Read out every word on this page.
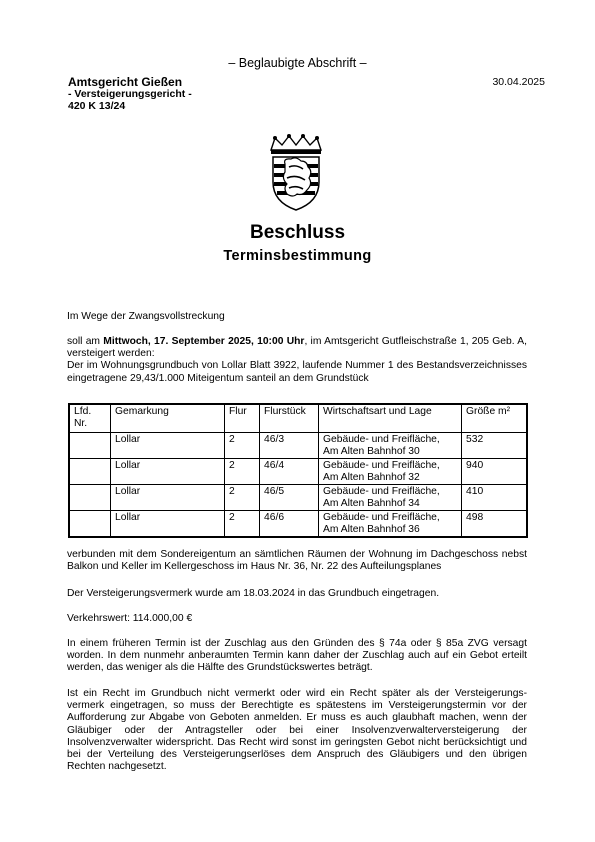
– Beglaubigte Abschrift –
Amtsgericht Gießen
- Versteigerungsgericht -
420 K 13/24
30.04.2025
Beschluss
Terminsbestimmung
Im Wege der Zwangsvollstreckung
soll am Mittwoch, 17. September 2025, 10:00 Uhr, im Amtsgericht Gutfleischstraße 1, 205 Geb. A, versteigert werden:
Der im Wohnungsgrundbuch von Lollar Blatt 3922, laufende Nummer 1 des Bestandsverzeichnisses eingetragene 29,43/1.000 Miteigentum santeil an dem Grundstück
Lfd. Nr.	Gemarkung	Flur	Flurstück	Wirtschaftsart und Lage	Größe m²
	Lollar	2	46/3	Gebäude- und Freifläche, Am Alten Bahnhof 30	532
	Lollar	2	46/4	Gebäude- und Freifläche, Am Alten Bahnhof 32	940
	Lollar	2	46/5	Gebäude- und Freifläche, Am Alten Bahnhof 34	410
	Lollar	2	46/6	Gebäude- und Freifläche, Am Alten Bahnhof 36	498
verbunden mit dem Sondereigentum an sämtlichen Räumen der Wohnung im Dachgeschoss nebst Balkon und Keller im Kellergeschoss im Haus Nr. 36, Nr. 22 des Aufteilungsplanes
Der Versteigerungsvermerk wurde am 18.03.2024 in das Grundbuch eingetragen.
Verkehrswert: 114.000,00 €
In einem früheren Termin ist der Zuschlag aus den Gründen des § 74a oder § 85a ZVG versagt worden. In dem nunmehr anberaumten Termin kann daher der Zuschlag auch auf ein Gebot erteilt werden, das weniger als die Hälfte des Grundstückswertes beträgt.
Ist ein Recht im Grundbuch nicht vermerkt oder wird ein Recht später als der Versteigerungs-vermerk eingetragen, so muss der Berechtigte es spätestens im Versteigerungstermin vor der Aufforderung zur Abgabe von Geboten anmelden. Er muss es auch glaubhaft machen, wenn der Gläubiger oder der Antragsteller oder bei einer Insolvenzverwalterversteigerung der Insolvenzverwalter widerspricht. Das Recht wird sonst im geringsten Gebot nicht berücksichtigt und bei der Verteilung des Versteigerungserlöses dem Anspruch des Gläubigers und den übrigen Rechten nachgesetzt.
